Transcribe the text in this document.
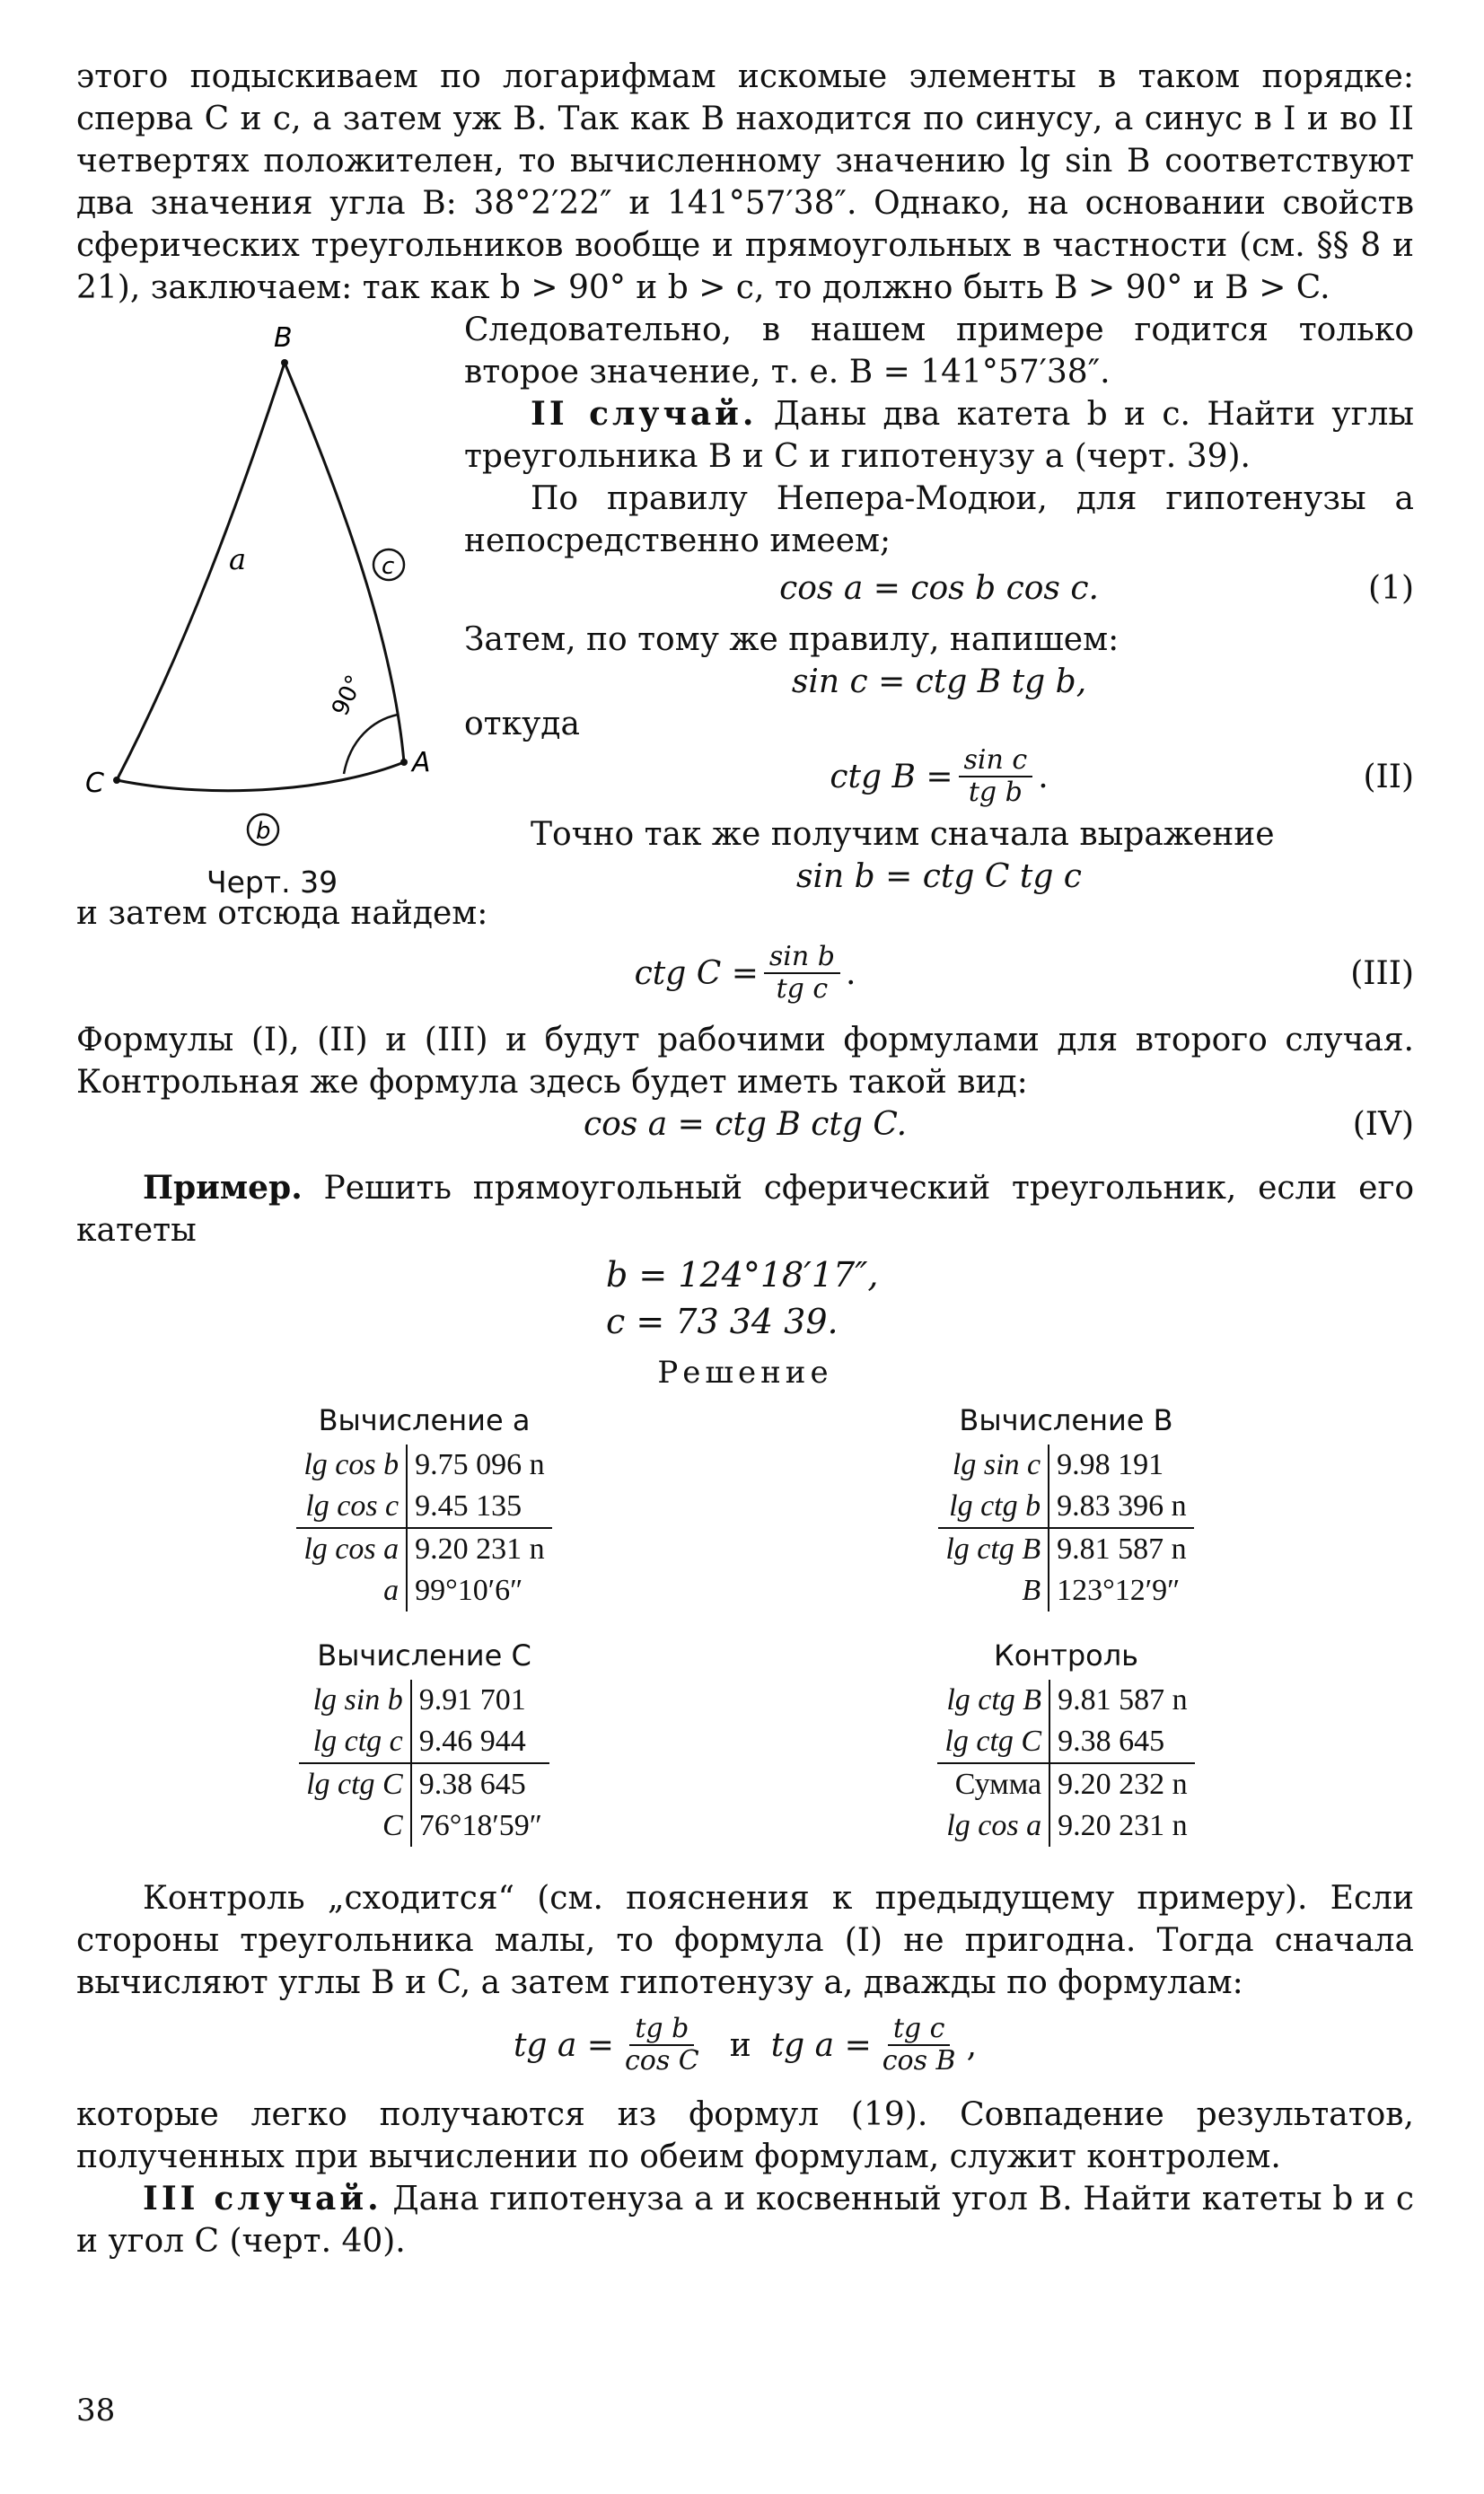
этого подыскиваем по логарифмам искомые элементы в таком порядке: сперва C и c, а затем уж B. Так как B находится по синусу, а синус в I и во II четвертях положителен, то вычисленному значению lg sin B соответствуют два значения угла B: 38°2′22″ и 141°57′38″. Однако, на основании свойств сферических треугольников вообще и прямоугольных в частности (см. §§ 8 и 21), заключаем: так как b > 90° и b > c, то должно быть B > 90° и B > C.

B
A
C
a	c
b
90°
Черт. 39

Следовательно, в нашем примере годится только второе значение, т. е. B = 141°57′38″.

II случай. Даны два катета b и c. Найти углы треугольника B и C и гипотенузу a (черт. 39).

По правилу Непера-Модюи, для гипотенузы a непосредственно имеем;

cos a = cos b cos c.	(1)

Затем, по тому же правилу, напишем:

sin c = ctg B tg b,

откуда

ctg $B = \frac{\text{sin c}}{\text{tg b}}$ .	(II)

Точно так же получим сначала выражение

sin b = ctg C tg c

и затем отсюда найдем:

ctg $C = \frac{\text{sin b}}{\text{tg c}}$ .	(III)

Формулы (I), (II) и (III) и будут рабочими формулами для второго случая. Контрольная же формула здесь будет иметь такой вид:

cos a = ctg B ctg C.	(IV)

Пример. Решить прямоугольный сферический треугольник, если его катеты

b = 124°18′17″,
c = 73 34 39.
Решение
Вычисление a
lg cos b	9.75 096 n
lg cos c	9.45 135
lg cos a	9.20 231 n
a	99°10′6″
Вычисление B
lg sin c	9.98 191
lg ctg b	9.83 396 n
lg ctg B	9.81 587 n
B	123°12′9″
Вычисление C
lg sin b	9.91 701
lg ctg c	9.46 944
lg ctg C	9.38 645
C	76°18′59″
Контроль
lg ctg B	9.81 587 n
lg ctg C	9.38 645
Сумма	9.20 232 n
lg cos a	9.20 231 n

Контроль „сходится“ (см. пояснения к предыдущему примеру). Если стороны треугольника малы, то формула (I) не пригодна. Тогда сначала вычисляют углы B и C, а затем гипотенузу a, дважды по формулам:

tg $a = \frac{\text{tg b}}{\text{cos C}}$ и tg $a = \frac{\text{tg c}}{\text{cos B}}$ ,

которые легко получаются из формул (19). Совпадение результатов, полученных при вычислении по обеим формулам, служит контролем.

III случай. Дана гипотенуза a и косвенный угол B. Найти катеты b и c и угол C (черт. 40).

38
